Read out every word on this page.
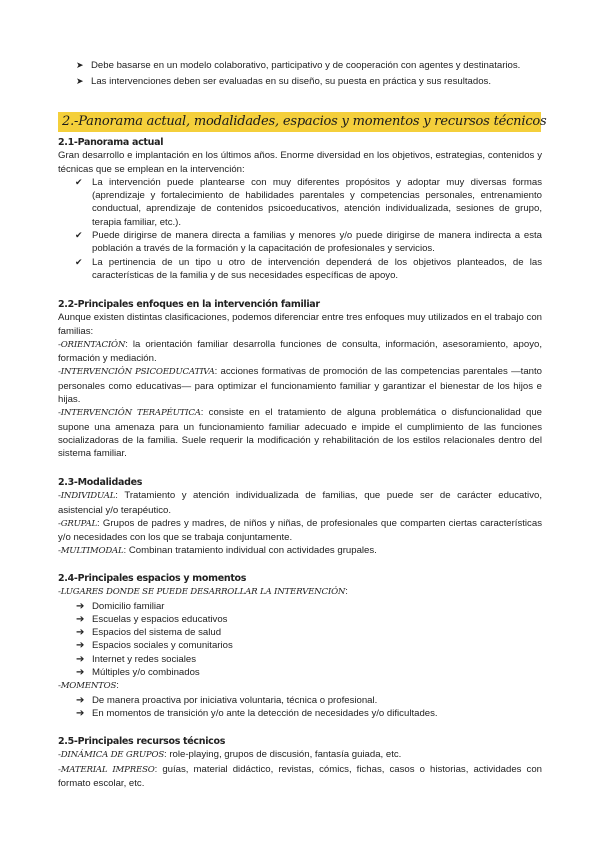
➤ Debe basarse en un modelo colaborativo, participativo y de cooperación con agentes y destinatarios.
➤ Las intervenciones deben ser evaluadas en su diseño, su puesta en práctica y sus resultados.
2.-Panorama actual, modalidades, espacios y momentos y recursos técnicos
2.1-Panorama actual
Gran desarrollo e implantación en los últimos años. Enorme diversidad en los objetivos, estrategias, contenidos y técnicas que se emplean en la intervención:
✔ La intervención puede plantearse con muy diferentes propósitos y adoptar muy diversas formas (aprendizaje y fortalecimiento de habilidades parentales y competencias personales, entrenamiento conductual, aprendizaje de contenidos psicoeducativos, atención individualizada, sesiones de grupo, terapia familiar, etc.).
✔ Puede dirigirse de manera directa a familias y menores y/o puede dirigirse de manera indirecta a esta población a través de la formación y la capacitación de profesionales y servicios.
✔ La pertinencia de un tipo u otro de intervención dependerá de los objetivos planteados, de las características de la familia y de sus necesidades específicas de apoyo.
2.2-Principales enfoques en la intervención familiar
Aunque existen distintas clasificaciones, podemos diferenciar entre tres enfoques muy utilizados en el trabajo con familias:
-ORIENTACIÓN: la orientación familiar desarrolla funciones de consulta, información, asesoramiento, apoyo, formación y mediación.
-INTERVENCIÓN PSICOEDUCATIVA: acciones formativas de promoción de las competencias parentales —tanto personales como educativas— para optimizar el funcionamiento familiar y garantizar el bienestar de los hijos e hijas.
-INTERVENCIÓN TERAPÉUTICA: consiste en el tratamiento de alguna problemática o disfuncionalidad que supone una amenaza para un funcionamiento familiar adecuado e impide el cumplimiento de las funciones socializadoras de la familia. Suele requerir la modificación y rehabilitación de los estilos relacionales dentro del sistema familiar.
2.3-Modalidades
-INDIVIDUAL: Tratamiento y atención individualizada de familias, que puede ser de carácter educativo, asistencial y/o terapéutico.
-GRUPAL: Grupos de padres y madres, de niños y niñas, de profesionales que comparten ciertas características y/o necesidades con los que se trabaja conjuntamente.
-MULTIMODAL: Combinan tratamiento individual con actividades grupales.
2.4-Principales espacios y momentos
-LUGARES DONDE SE PUEDE DESARROLLAR LA INTERVENCIÓN:
➔ Domicilio familiar
➔ Escuelas y espacios educativos
➔ Espacios del sistema de salud
➔ Espacios sociales y comunitarios
➔ Internet y redes sociales
➔ Múltiples y/o combinados
-MOMENTOS:
➔ De manera proactiva por iniciativa voluntaria, técnica o profesional.
➔ En momentos de transición y/o ante la detección de necesidades y/o dificultades.
2.5-Principales recursos técnicos
-DINÁMICA DE GRUPOS: role-playing, grupos de discusión, fantasía guiada, etc.
-MATERIAL IMPRESO: guías, material didáctico, revistas, cómics, fichas, casos o historias, actividades con formato escolar, etc.
